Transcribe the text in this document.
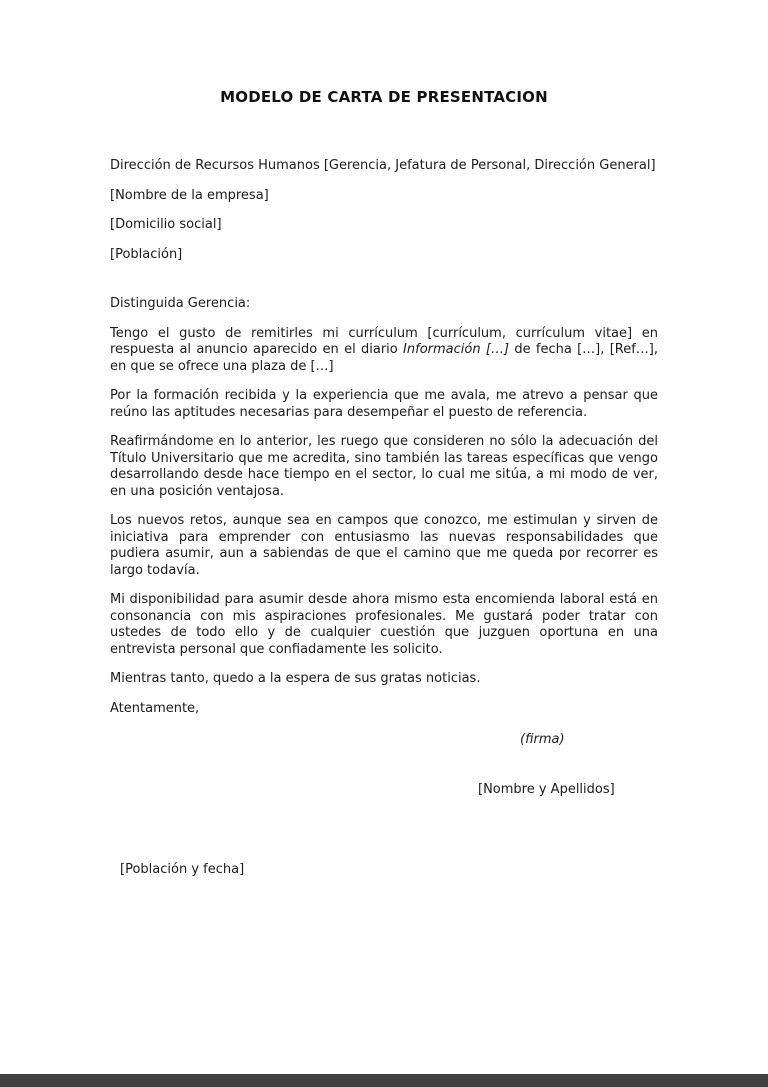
MODELO DE CARTA DE PRESENTACION

Dirección de Recursos Humanos [Gerencia, Jefatura de Personal, Dirección General]

[Nombre de la empresa]

[Domicilio social]

[Población]

Distinguida Gerencia:

Tengo el gusto de remitirles mi currículum [currículum, currículum vitae] en respuesta al anuncio aparecido en el diario Información […] de fecha […], [Ref…], en que se ofrece una plaza de […]

Por la formación recibida y la experiencia que me avala, me atrevo a pensar que reúno las aptitudes necesarias para desempeñar el puesto de referencia.

Reafirmándome en lo anterior, les ruego que consideren no sólo la adecuación del Título Universitario que me acredita, sino también las tareas específicas que vengo desarrollando desde hace tiempo en el sector, lo cual me sitúa, a mi modo de ver, en una posición ventajosa.

Los nuevos retos, aunque sea en campos que conozco, me estimulan y sirven de iniciativa para emprender con entusiasmo las nuevas responsabilidades que pudiera asumir, aun a sabiendas de que el camino que me queda por recorrer es largo todavía.

Mi disponibilidad para asumir desde ahora mismo esta encomienda laboral está en consonancia con mis aspiraciones profesionales. Me gustará poder tratar con ustedes de todo ello y de cualquier cuestión que juzguen oportuna en una entrevista personal que confiadamente les solicito.

Mientras tanto, quedo a la espera de sus gratas noticias.

Atentamente,

(firma)

[Nombre y Apellidos]

[Población y fecha]
